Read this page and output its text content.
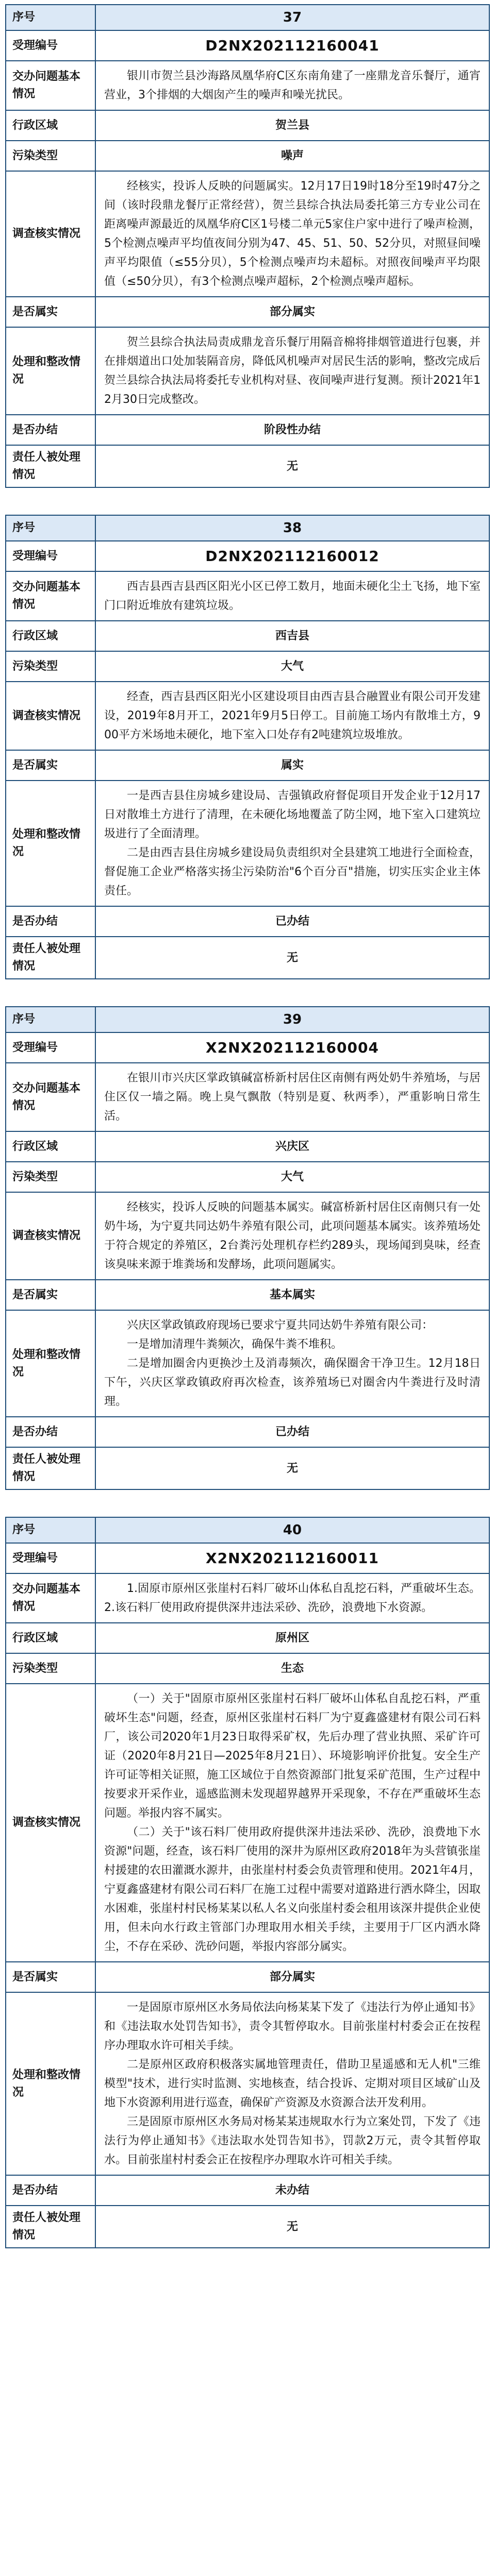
序号	37
受理编号	D2NX202112160041
交办问题基本情况	银川市贺兰县沙海路凤凰华府C区东南角建了一座鼎龙音乐餐厅，通宵营业，3个排烟的大烟囱产生的噪声和噪光扰民。

行政区域	贺兰县
污染类型	噪声
调查核实情况	经核实，投诉人反映的问题属实。12月17日19时18分至19时47分之间（该时段鼎龙餐厅正常经营），贺兰县综合执法局委托第三方专业公司在距离噪声源最近的凤凰华府C区1号楼二单元5家住户家中进行了噪声检测，5个检测点噪声平均值夜间分别为47、45、51、50、52分贝，对照昼间噪声平均限值（≤55分贝），5个检测点噪声均未超标。对照夜间噪声平均限值（≤50分贝），有3个检测点噪声超标，2个检测点噪声超标。

是否属实	部分属实
处理和整改情况	贺兰县综合执法局责成鼎龙音乐餐厅用隔音棉将排烟管道进行包裹，并在排烟道出口处加装隔音房，降低风机噪声对居民生活的影响，整改完成后贺兰县综合执法局将委托专业机构对昼、夜间噪声进行复测。预计2021年12月30日完成整改。

是否办结	阶段性办结
责任人被处理情况	无
序号	38
受理编号	D2NX202112160012
交办问题基本情况	西吉县西吉县西区阳光小区已停工数月，地面未硬化尘土飞扬，地下室门口附近堆放有建筑垃圾。

行政区域	西吉县
污染类型	大气
调查核实情况	经查，西吉县西区阳光小区建设项目由西吉县合融置业有限公司开发建设，2019年8月开工，2021年9月5日停工。目前施工场内有散堆土方，900平方米场地未硬化，地下室入口处存有2吨建筑垃圾堆放。

是否属实	属实
处理和整改情况	一是西吉县住房城乡建设局、吉强镇政府督促项目开发企业于12月17日对散堆土方进行了清理，在未硬化场地覆盖了防尘网，地下室入口建筑垃圾进行了全面清理。

二是由西吉县住房城乡建设局负责组织对全县建筑工地进行全面检查，督促施工企业严格落实扬尘污染防治"6个百分百"措施，切实压实企业主体责任。

是否办结	已办结
责任人被处理情况	无
序号	39
受理编号	X2NX202112160004
交办问题基本情况	在银川市兴庆区掌政镇碱富桥新村居住区南侧有两处奶牛养殖场，与居住区仅一墙之隔。晚上臭气飘散（特别是夏、秋两季），严重影响日常生活。

行政区域	兴庆区
污染类型	大气
调查核实情况	经核实，投诉人反映的问题基本属实。碱富桥新村居住区南侧只有一处奶牛场，为宁夏共同达奶牛养殖有限公司，此项问题基本属实。该养殖场处于符合规定的养殖区，2台粪污处理机存栏约289头，现场闻到臭味，经查该臭味来源于堆粪场和发酵场，此项问题属实。

是否属实	基本属实
处理和整改情况	兴庆区掌政镇政府现场已要求宁夏共同达奶牛养殖有限公司：

一是增加清理牛粪频次，确保牛粪不堆积。

二是增加圈舍内更换沙土及消毒频次，确保圈舍干净卫生。12月18日下午，兴庆区掌政镇政府再次检查，该养殖场已对圈舍内牛粪进行及时清理。

是否办结	已办结
责任人被处理情况	无
序号	40
受理编号	X2NX202112160011
交办问题基本情况	1.固原市原州区张崖村石料厂破坏山体私自乱挖石料，严重破坏生态。2.该石料厂使用政府提供深井违法采砂、洗砂，浪费地下水资源。

行政区域	原州区
污染类型	生态
调查核实情况	（一）关于"固原市原州区张崖村石料厂破坏山体私自乱挖石料，严重破坏生态"问题，经查，原州区张崖村石料厂为宁夏鑫盛建材有限公司石料厂，该公司2020年1月23日取得采矿权，先后办理了营业执照、采矿许可证（2020年8月21日—2025年8月21日）、环境影响评价批复。安全生产许可证等相关证照，施工区域位于自然资源部门批复采矿范围，生产过程中按要求开采作业，遥感监测未发现超界越界开采现象，不存在严重破坏生态问题。举报内容不属实。

（二）关于"该石料厂使用政府提供深井违法采砂、洗砂，浪费地下水资源"问题，经查，该石料厂使用的深井为原州区政府2018年为头营镇张崖村援建的农田灌溉水源井，由张崖村村委会负责管理和使用。2021年4月，宁夏鑫盛建材有限公司石料厂在施工过程中需要对道路进行洒水降尘，因取水困难，张崖村村民杨某某以私人名义向张崖村委会租用该深井提供企业使用，但未向水行政主管部门办理取用水相关手续，主要用于厂区内洒水降尘，不存在采砂、洗砂问题，举报内容部分属实。

是否属实	部分属实
处理和整改情况	一是固原市原州区水务局依法向杨某某下发了《违法行为停止通知书》和《违法取水处罚告知书》，责令其暂停取水。目前张崖村村委会正在按程序办理取水许可相关手续。

二是原州区政府积极落实属地管理责任，借助卫星遥感和无人机"三维模型"技术，进行实时监测、实地核查，结合投诉、定期对项目区域矿山及地下水资源利用进行巡查，确保矿产资源及水资源合法开发利用。

三是固原市原州区水务局对杨某某违规取水行为立案处罚，下发了《违法行为停止通知书》《违法取水处罚告知书》，罚款2万元，责令其暂停取水。目前张崖村村委会正在按程序办理取水许可相关手续。

是否办结	未办结
责任人被处理情况	无
